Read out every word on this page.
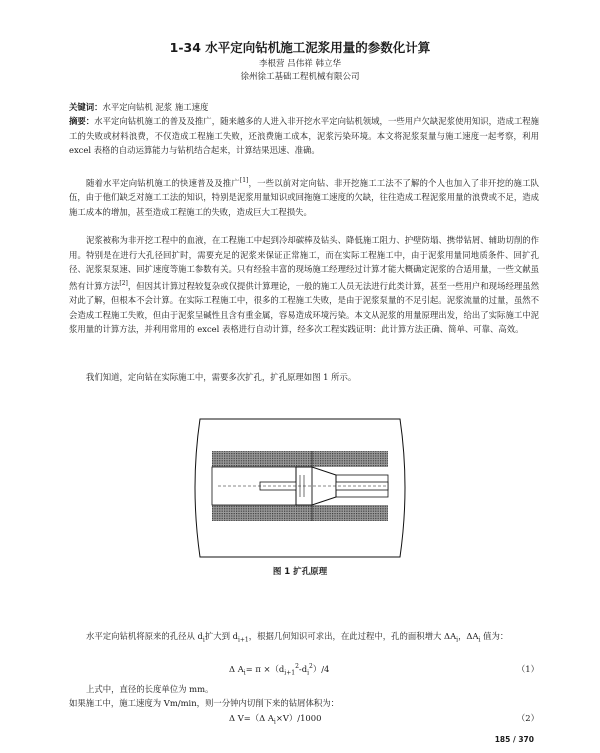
1-34 水平定向钻机施工泥浆用量的参数化计算
李根营 吕伟祥 韩立华
徐州徐工基础工程机械有限公司
关键词：水平定向钻机 泥浆 施工速度
摘要：水平定向钻机施工的普及及推广，随来越多的人进入非开挖水平定向钻机领域，一些用户欠缺泥浆使用知识，造成工程施工的失败或材料浪费，不仅造成工程施工失败，还浪费施工成本，泥浆污染环境。本文将泥浆泵量与施工速度一起考察，利用 excel 表格的自动运算能力与钻机结合起来，计算结果迅速、准确。
随着水平定向钻机施工的快速普及及推广[1]，一些以前对定向钻、非开挖施工工法不了解的个人也加入了非开挖的施工队伍，由于他们缺乏对施工工法的知识，特别是泥浆用量知识或回拖施工速度的欠缺，往往造成工程泥浆用量的浪费或不足，造成施工成本的增加，甚至造成工程施工的失败，造成巨大工程损失。
泥浆被称为非开挖工程中的血液，在工程施工中起到冷却碳棒及钻头、降低施工阻力、护壁防塌、携带钻屑、辅助切削的作用。特别是在进行大孔径回扩时，需要充足的泥浆来保证正常施工，而在实际工程施工中，由于泥浆用量同地质条件、回扩孔径、泥浆泵泵速、回扩速度等施工参数有关。只有经验丰富的现场施工经理经过计算才能大概确定泥浆的合适用量，一些文献虽然有计算方法[2]，但因其计算过程较复杂或仅提供计算理论，一般的施工人员无法进行此类计算，甚至一些用户和现场经理虽然对此了解，但根本不会计算。在实际工程施工中，很多的工程施工失败，是由于泥浆泵量的不足引起。泥浆流量的过量，虽然不会造成工程施工失败，但由于泥浆呈碱性且含有重金属，容易造成环境污染。本文从泥浆的用量原理出发，给出了实际施工中泥浆用量的计算方法，并利用常用的 excel 表格进行自动计算，经多次工程实践证明：此计算方法正确、简单、可靠、高效。
我们知道，定向钻在实际施工中，需要多次扩孔，扩孔原理如图 1 所示。
图 1 扩孔原理
水平定向钻机将原来的孔径从 $d_i$扩大到 $d_{i+1}$，根据几何知识可求出，在此过程中，孔的面积增大 $\Delta A_i$，$\Delta A_i$ 值为：
Δ $A_i= \pi \times(d_{i+1}^2-d_i^2)/4$	（1）
上式中，直径的长度单位为 mm。
如果施工中，施工速度为 Vm/min，则一分钟内切削下来的钻屑体积为：
Δ V=（Δ $A_i\times V)/1000$	（2）
185 / 370
